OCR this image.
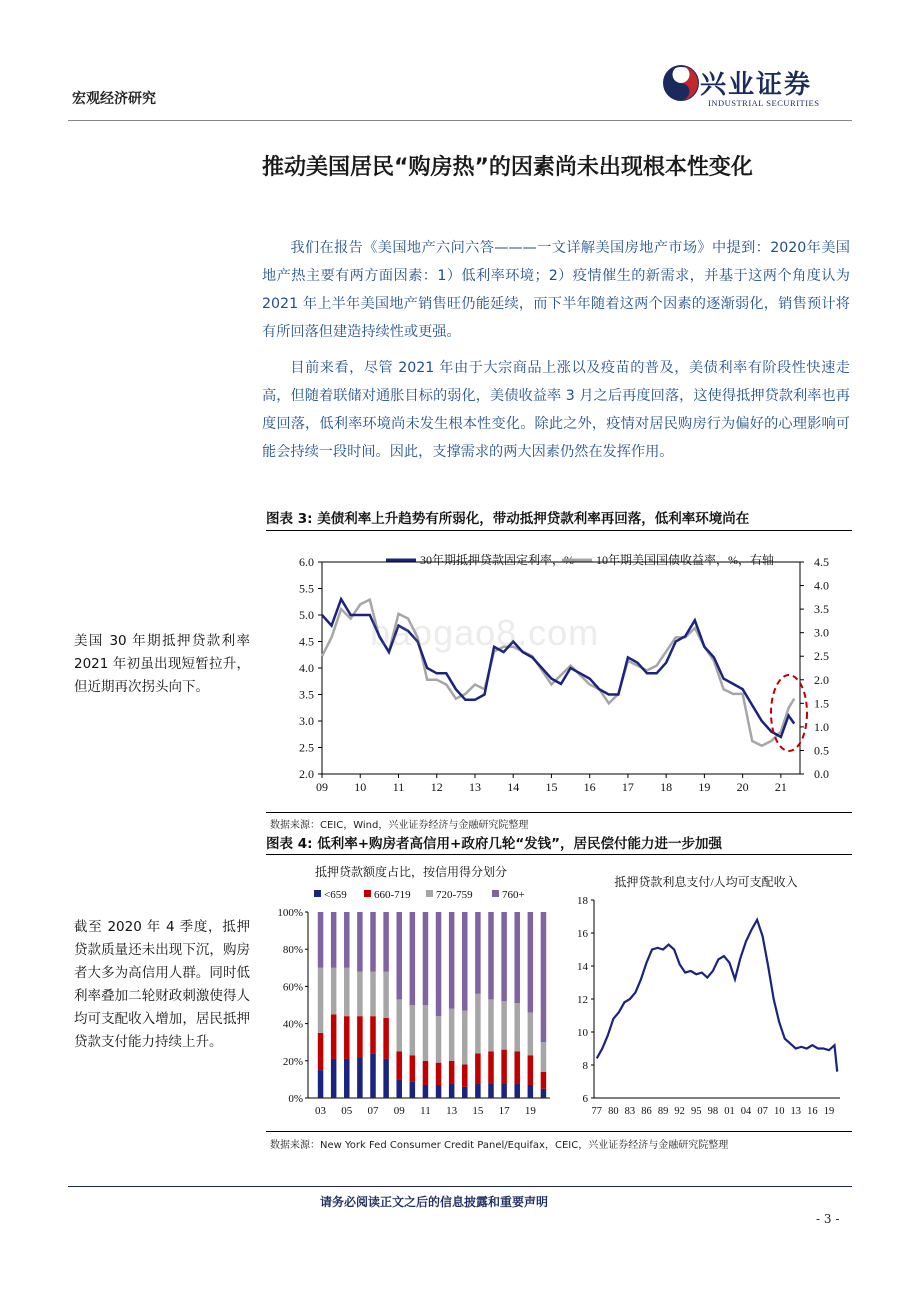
宏观经济研究	兴业证券
INDUSTRIAL SECURITIES
推动美国居民“购房热”的因素尚未出现根本性变化
我们在报告《美国地产六问六答———一文详解美国房地产市场》中提到：2020年美国地产热主要有两方面因素：1）低利率环境；2）疫情催生的新需求，并基于这两个角度认为 2021 年上半年美国地产销售旺仍能延续，而下半年随着这两个因素的逐渐弱化，销售预计将有所回落但建造持续性或更强。
目前来看，尽管 2021 年由于大宗商品上涨以及疫苗的普及，美债利率有阶段性快速走高，但随着联储对通胀目标的弱化，美债收益率 3 月之后再度回落，这使得抵押贷款利率也再度回落，低利率环境尚未发生根本性变化。除此之外，疫情对居民购房行为偏好的心理影响可能会持续一段时间。因此，支撑需求的两大因素仍然在发挥作用。
图表 3: 美债利率上升趋势有所弱化，带动抵押贷款利率再回落，低利率环境尚在
美国 30 年期抵押贷款利率 2021 年初虽出现短暂拉升，但近期再次拐头向下。
2.0
2.5
3.0
3.5
4.0
4.5
5.0
5.5
6.0
0.0
0.5
1.0
1.5
2.0
2.5
3.0
3.5
4.0
4.5
09 10 11 12 13 14 15 16 17 18 19 20 21
30年期抵押贷款固定利率，% 10年期美国国债收益率，%，右轴
baogao8.com
数据来源：CEIC，Wind，兴业证券经济与金融研究院整理
图表 4: 低利率+购房者高信用+政府几轮“发钱”，居民偿付能力进一步加强
截至 2020 年 4 季度，抵押贷款质量还未出现下沉，购房者大多为高信用人群。同时低利率叠加二轮财政刺激使得人均可支配收入增加，居民抵押贷款支付能力持续上升。
抵押贷款额度占比，按信用得分划分
<659 660-719 720-759	760+
0%
20%
40%
60%
80%
100%
03 05 07 09 11 13 15 17 19
抵押贷款利息支付/人均可支配收入
6
8
10
12
14
16
18
77 80 83 86 89 92 95 98 01 04 07 10 13 16 19
数据来源：New York Fed Consumer Credit Panel/Equifax，CEIC，兴业证券经济与金融研究院整理
请务必阅读正文之后的信息披露和重要声明
- 3 -
